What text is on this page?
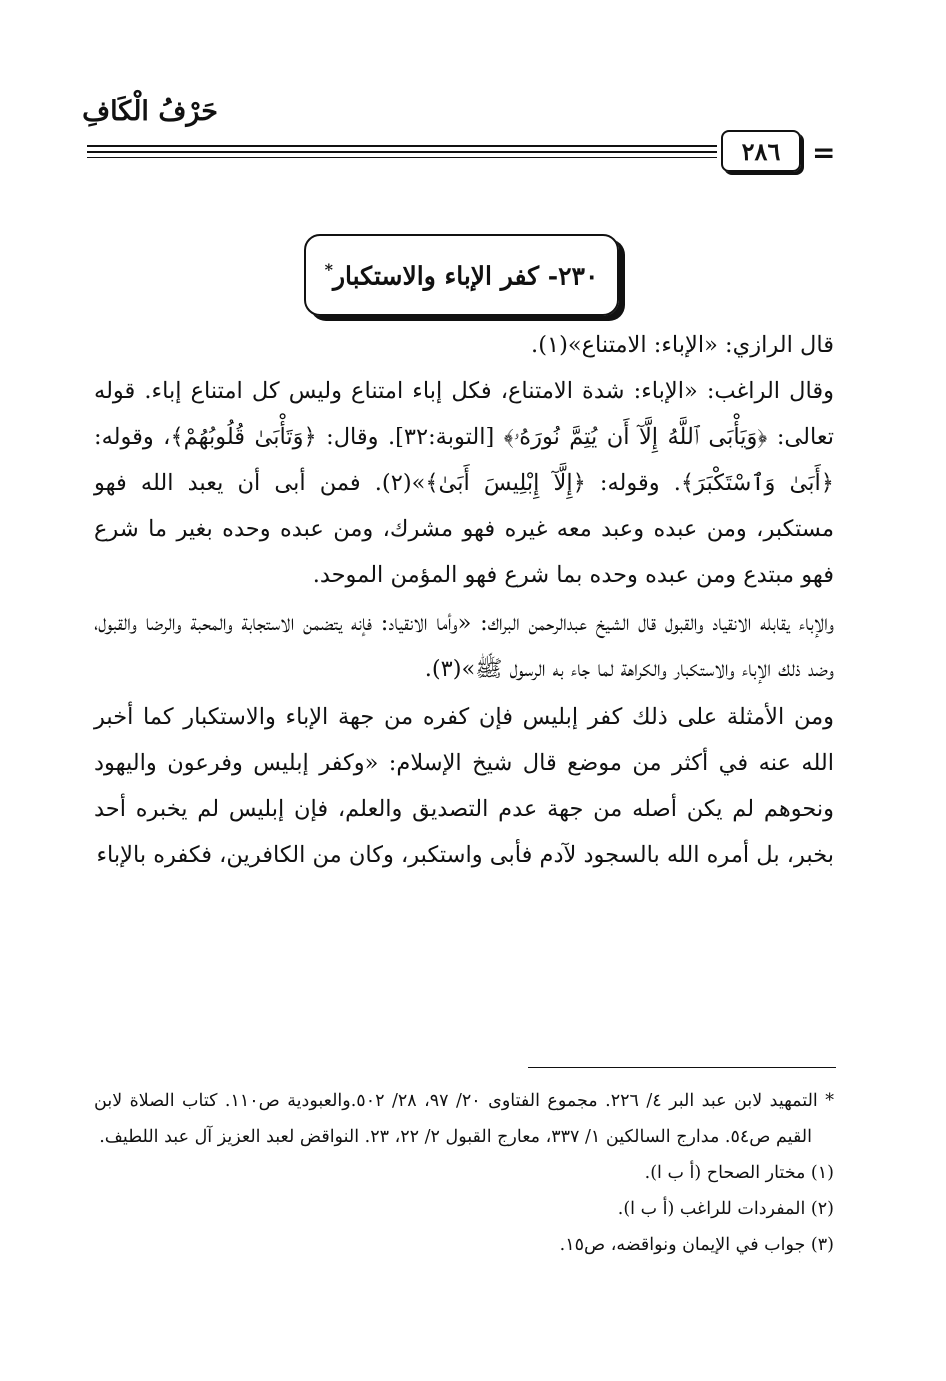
حَرْفُ الْكَافِ
٢٨٦	=
٢٣٠- كفر الإباء والاستكبار*

قال الرازي: «الإباء: الامتناع»(١).

وقال الراغب: «الإباء: شدة الامتناع، فكل إباء امتناع وليس كل امتناع إباء. قوله تعالى: ﴿وَيَأْبَى ٱللَّهُ إِلَّآ أَن يُتِمَّ نُورَهُۥ﴾ [التوبة:٣٢]. وقال: ﴿وَتَأْبَىٰ قُلُوبُهُمْ﴾، وقوله: ﴿أَبَىٰ وَٱسْتَكْبَرَ﴾. وقوله: ﴿إِلَّآ إِبْلِيسَ أَبَىٰ﴾»(٢). فمن أبى أن يعبد الله فهو مستكبر، ومن عبده وعبد معه غيره فهو مشرك، ومن عبده وحده بغير ما شرع فهو مبتدع ومن عبده وحده بما شرع فهو المؤمن الموحد.

والإباء يقابله الانقياد والقبول قال الشيخ عبدالرحمن البراك: «وأما الانقياد: فإنه يتضمن الاستجابة والمحبة والرضا والقبول، وضد ذلك الإباء والاستكبار والكراهة لما جاء به الرسول ﷺ»(٣).

ومن الأمثلة على ذلك كفر إبليس فإن كفره من جهة الإباء والاستكبار كما أخبر الله عنه في أكثر من موضع قال شيخ الإسلام: «وكفر إبليس وفرعون واليهود ونحوهم لم يكن أصله من جهة عدم التصديق والعلم، فإن إبليس لم يخبره أحد بخبر، بل أمره الله بالسجود لآدم فأبى واستكبر، وكان من الكافرين، فكفره بالإباء

* التمهيد لابن عبد البر ٤/ ٢٢٦. مجموع الفتاوى ٢٠/ ٩٧، ٢٨/ ٥٠٢.والعبودية ص١١٠. كتاب الصلاة لابن القيم ص٥٤. مدارج السالكين ١/ ٣٣٧، معارج القبول ٢/ ٢٢، ٢٣. النواقض لعبد العزيز آل عبد اللطيف.

(١) مختار الصحاح (أ ب ا).

(٢) المفردات للراغب (أ ب ا).

(٣) جواب في الإيمان ونواقضه، ص١٥.
